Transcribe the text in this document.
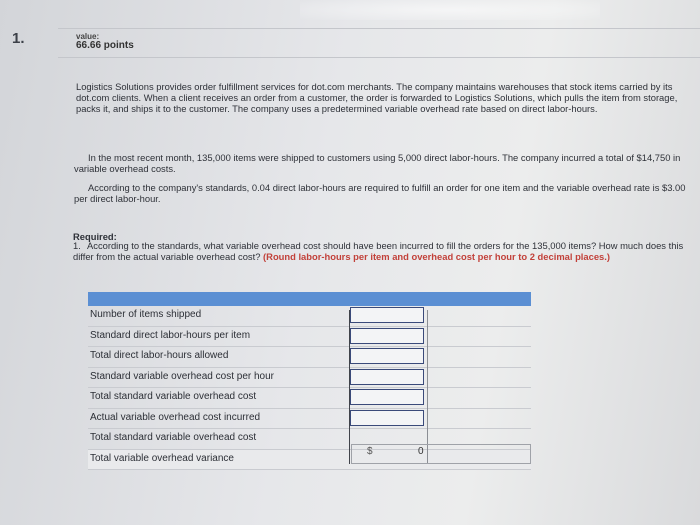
1.	value:
66.66 points

Logistics Solutions provides order fulfillment services for dot.com merchants. The company maintains warehouses that stock items carried by its dot.com clients. When a client receives an order from a customer, the order is forwarded to Logistics Solutions, which pulls the item from storage, packs it, and ships it to the customer. The company uses a predetermined variable overhead rate based on direct labor-hours.

In the most recent month, 135,000 items were shipped to customers using 5,000 direct labor-hours. The company incurred a total of $14,750 in variable overhead costs.

According to the company's standards, 0.04 direct labor-hours are required to fulfill an order for one item and the variable overhead rate is $3.00 per direct labor-hour.

Required:
1. According to the standards, what variable overhead cost should have been incurred to fill the orders for the 135,000 items? How much does this differ from the actual variable overhead cost? (Round labor-hours per item and overhead cost per hour to 2 decimal places.)
Number of items shipped
Standard direct labor-hours per item
Total direct labor-hours allowed
Standard variable overhead cost per hour
Total standard variable overhead cost
Actual variable overhead cost incurred
Total standard variable overhead cost
Total variable overhead variance
$	0
